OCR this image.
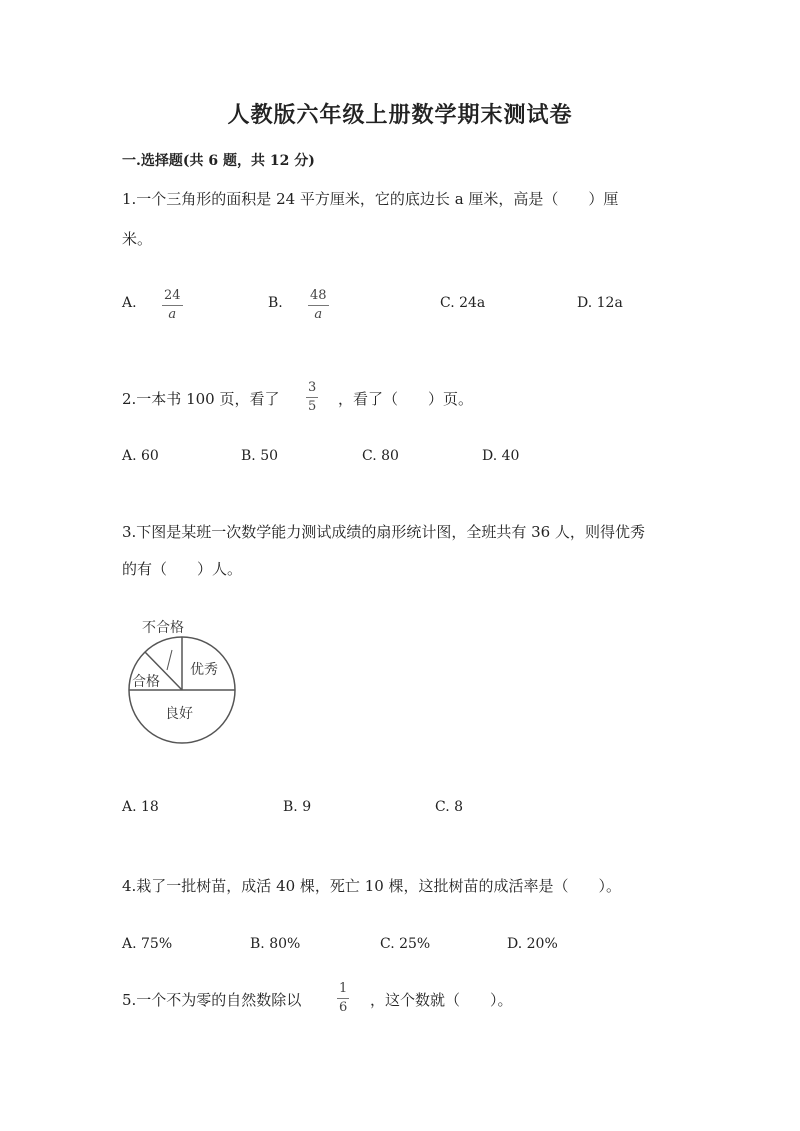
人教版六年级上册数学期末测试卷
一.选择题(共 6 题，共 12 分)
1.一个三角形的面积是 24 平方厘米，它的底边长 a 厘米，高是（　　）厘
米。
A. 24
a
B. 48
a
C. 24a	D. 12a
2.一本书 100 页，看了
3
5 ，看了（　　）页。
A. 60	B. 50	C. 80	D. 40
3.下图是某班一次数学能力测试成绩的扇形统计图，全班共有 36 人，则得优秀
的有（　　）人。
不合格
合格
优秀
良好
A. 18	B. 9	C. 8
4.栽了一批树苗，成活 40 棵，死亡 10 棵，这批树苗的成活率是（　　）。
A. 75%	B. 80%	C. 25%	D. 20%
5.一个不为零的自然数除以
1
6 ，这个数就（　　）。
